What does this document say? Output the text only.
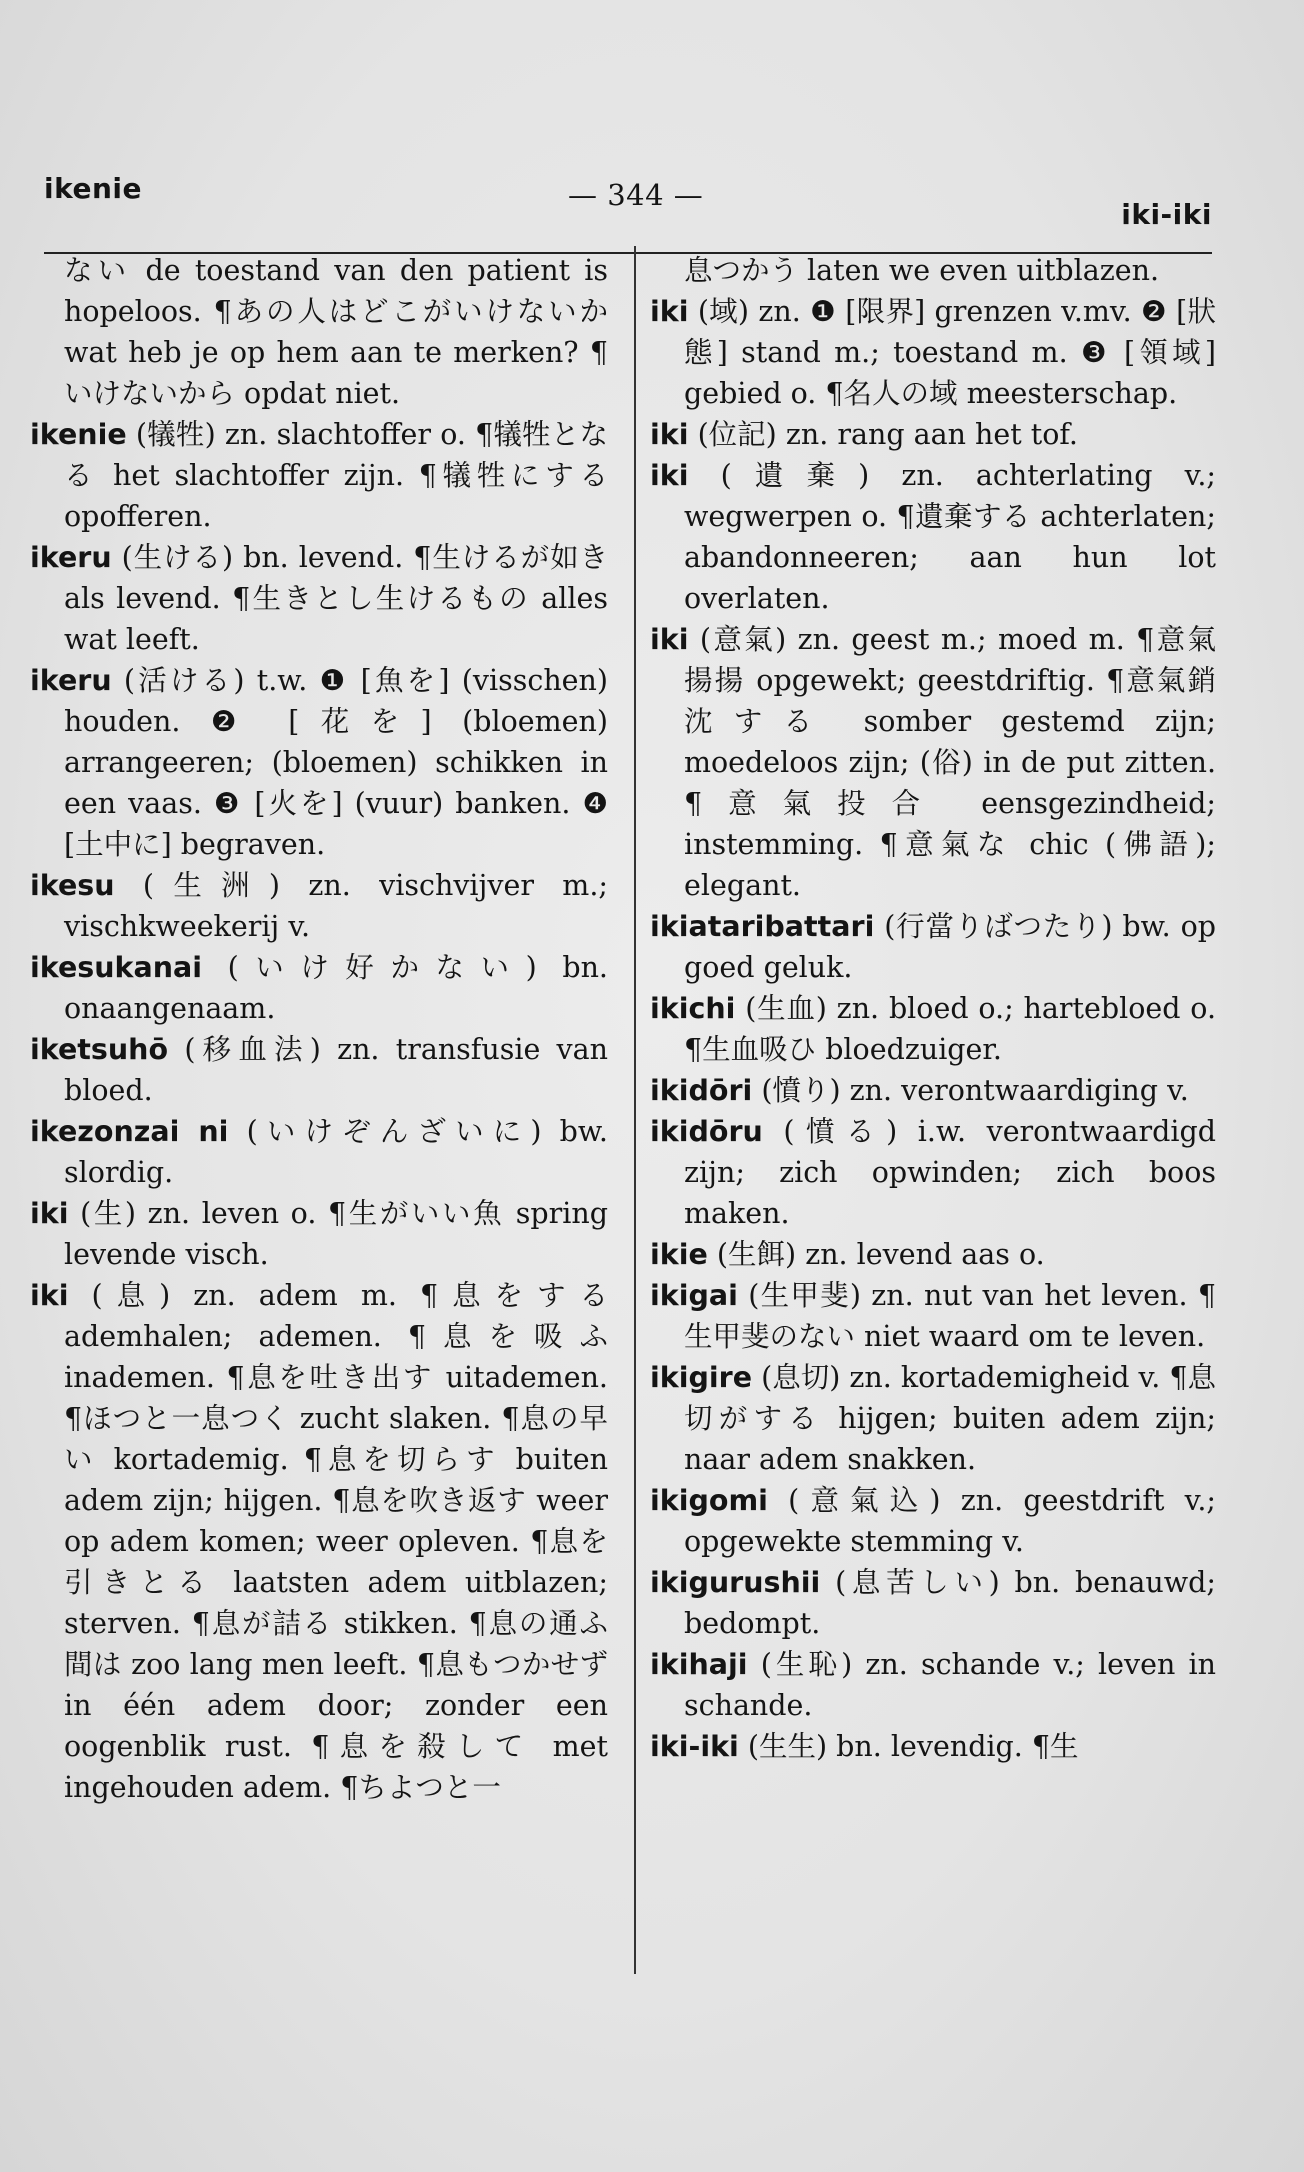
ikenie	— 344 —
iki-iki

ない de toestand van den patient is hopeloos. ¶あの人はどこがいけないか wat heb je op hem aan te merken? ¶いけないから opdat niet.

ikenie (犠牲) zn. slachtoffer o. ¶犠牲となる het slachtoffer zijn. ¶犠牲にする opofferen.

ikeru (生ける) bn. levend. ¶生けるが如き als levend. ¶生きとし生けるもの alles wat leeft.

ikeru (活ける) t.w. ❶ [魚を] (visschen) houden. ❷ [花を] (bloemen) arrangeeren; (bloemen) schikken in een vaas. ❸ [火を] (vuur) banken. ❹ [土中に] begraven.

ikesu (生洲) zn. vischvijver m.; vischkweekerij v.

ikesukanai (いけ好かない) bn. onaangenaam.

iketsuhō (移血法) zn. transfusie van bloed.

ikezonzai ni (いけぞんざいに) bw. slordig.

iki (生) zn. leven o. ¶生がいい魚 spring levende visch.

iki (息) zn. adem m. ¶息をする ademhalen; ademen. ¶息を吸ふ inademen. ¶息を吐き出す uitademen. ¶ほつと一息つく zucht slaken. ¶息の早い kortademig. ¶息を切らす buiten adem zijn; hijgen. ¶息を吹き返す weer op adem komen; weer opleven. ¶息を引きとる laatsten adem uitblazen; sterven. ¶息が詰る stikken. ¶息の通ふ間は zoo lang men leeft. ¶息もつかせず in één adem door; zonder een oogenblik rust. ¶息を殺して met ingehouden adem. ¶ちよつと一

息つかう laten we even uitblazen.

iki (域) zn. ❶ [限界] grenzen v.mv. ❷ [狀態] stand m.; toestand m. ❸ [領域] gebied o. ¶名人の域 meesterschap.

iki (位記) zn. rang aan het tof.

iki (遺棄) zn. achterlating v.; wegwerpen o. ¶遺棄する achterlaten; abandonneeren; aan hun lot overlaten.

iki (意氣) zn. geest m.; moed m. ¶意氣揚揚 opgewekt; geestdriftig. ¶意氣銷沈する somber gestemd zijn; moedeloos zijn; (俗) in de put zitten. ¶意氣投合 eensgezindheid; instemming. ¶意氣な chic (佛語); elegant.

ikiataribattari (行當りばつたり) bw. op goed geluk.

ikichi (生血) zn. bloed o.; hartebloed o. ¶生血吸ひ bloedzuiger.

ikidōri (憤り) zn. verontwaardiging v.

ikidōru (憤る) i.w. verontwaardigd zijn; zich opwinden; zich boos maken.

ikie (生餌) zn. levend aas o.

ikigai (生甲斐) zn. nut van het leven. ¶生甲斐のない niet waard om te leven.

ikigire (息切) zn. kortademigheid v. ¶息切がする hijgen; buiten adem zijn; naar adem snakken.

ikigomi (意氣込) zn. geestdrift v.; opgewekte stemming v.

ikigurushii (息苦しい) bn. benauwd; bedompt.

ikihaji (生恥) zn. schande v.; leven in schande.

iki-iki (生生) bn. levendig. ¶生
